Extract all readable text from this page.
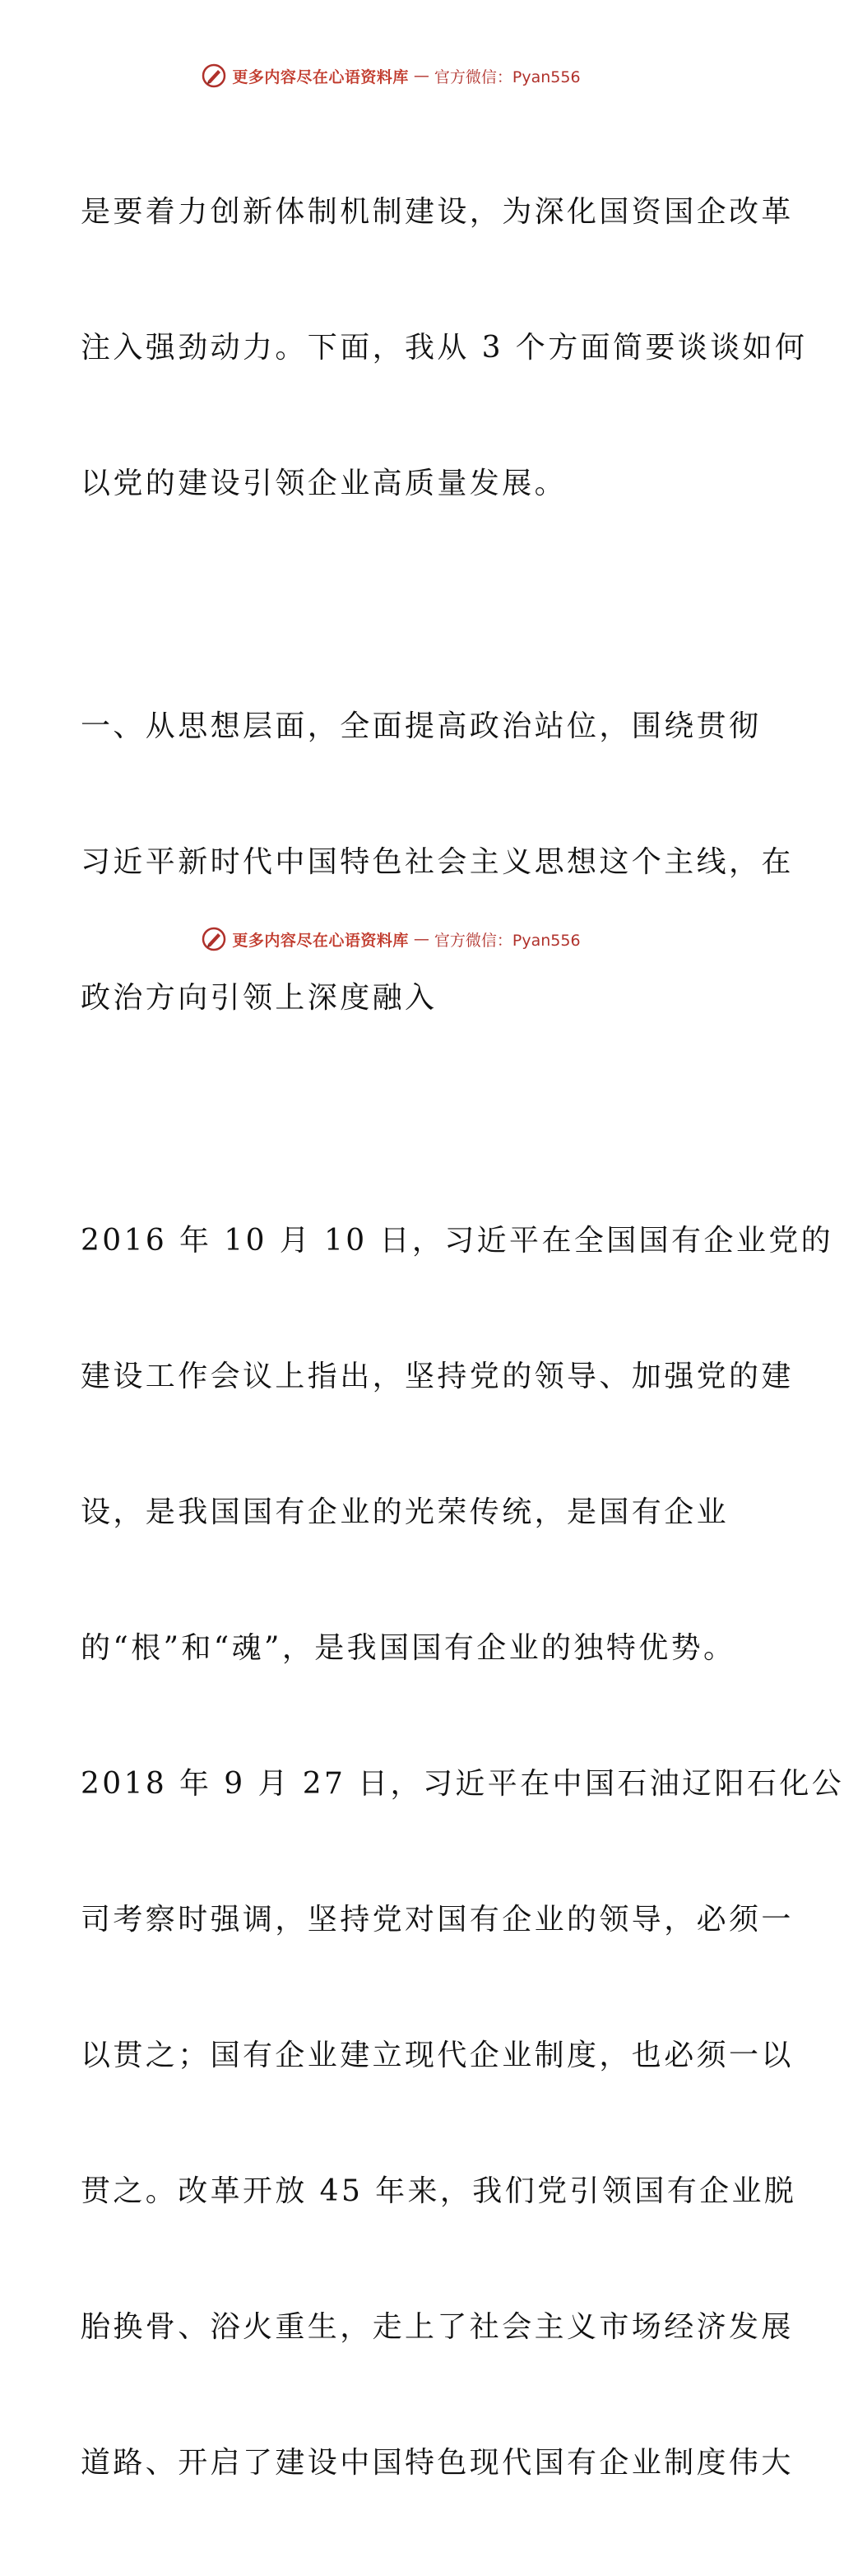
更多内容尽在心语资料库 — 官方微信：Pyan556

是要着力创新体制机制建设，为深化国资国企改革

注入强劲动力。下面，我从 3 个方面简要谈谈如何

以党的建设引领企业高质量发展。

一、从思想层面，全面提高政治站位，围绕贯彻

习近平新时代中国特色社会主义思想这个主线，在

政治方向引领上深度融入

2016 年 10 月 10 日，习近平在全国国有企业党的

建设工作会议上指出，坚持党的领导、加强党的建

设，是我国国有企业的光荣传统，是国有企业

的“根”和“魂”，是我国国有企业的独特优势。

2018 年 9 月 27 日，习近平在中国石油辽阳石化公

司考察时强调，坚持党对国有企业的领导，必须一

以贯之；国有企业建立现代企业制度，也必须一以

贯之。改革开放 45 年来，我们党引领国有企业脱

胎换骨、浴火重生，走上了社会主义市场经济发展

道路、开启了建设中国特色现代国有企业制度伟大

更多内容尽在心语资料库 — 官方微信：Pyan556
